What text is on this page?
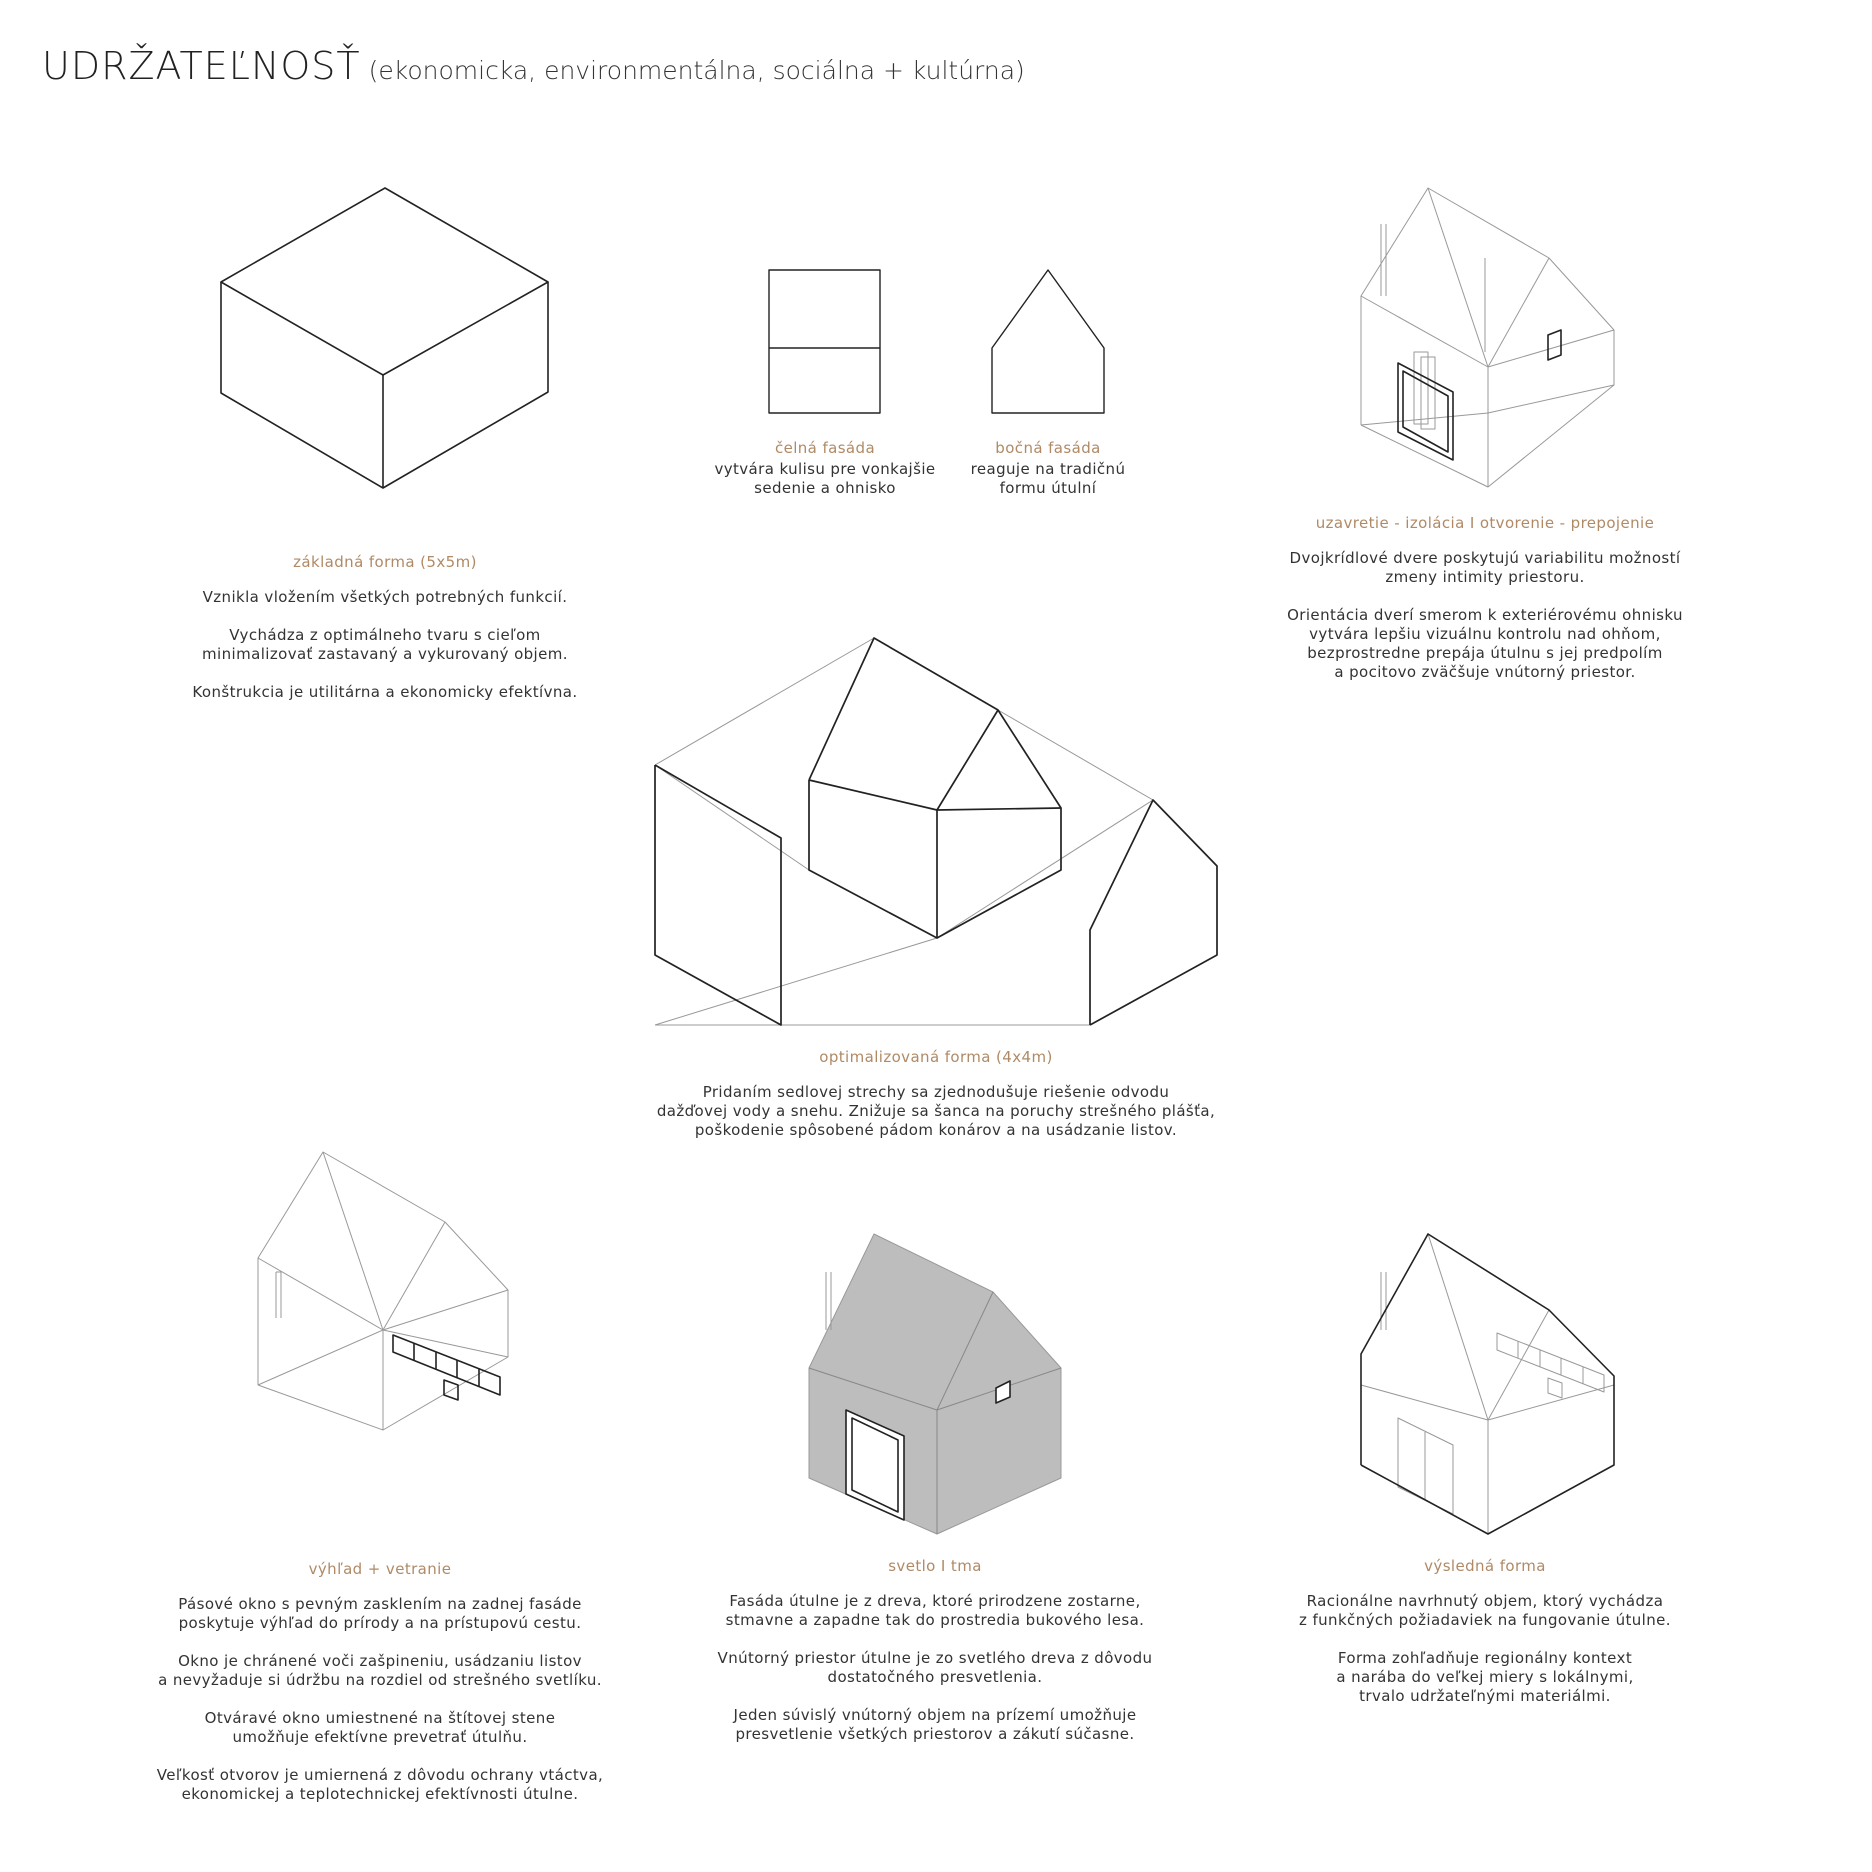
UDRŽATEĽNOSŤ (ekonomicka, environmentálna, sociálna + kultúrna)
základná forma (5x5m)
Vznikla vložením všetkých potrebných funkcií.
Vychádza z optimálneho tvaru s cieľom
minimalizovať zastavaný a vykurovaný objem.
Konštrukcia je utilitárna a ekonomicky efektívna.
čelná fasáda
vytvára kulisu pre vonkajšie
sedenie a ohnisko
bočná fasáda
reaguje na tradičnú
formu útulní
uzavretie - izolácia I otvorenie - prepojenie
Dvojkrídlové dvere poskytujú variabilitu možností
zmeny intimity priestoru.
Orientácia dverí smerom k exteriérovému ohnisku
vytvára lepšiu vizuálnu kontrolu nad ohňom,
bezprostredne prepája útulnu s jej predpolím
a pocitovo zväčšuje vnútorný priestor.
optimalizovaná forma (4x4m)
Pridaním sedlovej strechy sa zjednodušuje riešenie odvodu
dažďovej vody a snehu. Znižuje sa šanca na poruchy strešného plášťa,
poškodenie spôsobené pádom konárov a na usádzanie listov.
výhľad + vetranie
Pásové okno s pevným zasklením na zadnej fasáde
poskytuje výhľad do prírody a na prístupovú cestu.
Okno je chránené voči zašpineniu, usádzaniu listov
a nevyžaduje si údržbu na rozdiel od strešného svetlíku.
Otváravé okno umiestnené na štítovej stene
umožňuje efektívne prevetrať útulňu.
Veľkosť otvorov je umiernená z dôvodu ochrany vtáctva,
ekonomickej a teplotechnickej efektívnosti útulne.
svetlo I tma
Fasáda útulne je z dreva, ktoré prirodzene zostarne,
stmavne a zapadne tak do prostredia bukového lesa.
Vnútorný priestor útulne je zo svetlého dreva z dôvodu
dostatočného presvetlenia.
Jeden súvislý vnútorný objem na prízemí umožňuje
presvetlenie všetkých priestorov a zákutí súčasne.
výsledná forma
Racionálne navrhnutý objem, ktorý vychádza
z funkčných požiadaviek na fungovanie útulne.
Forma zohľadňuje regionálny kontext
a narába do veľkej miery s lokálnymi,
trvalo udržateľnými materiálmi.
